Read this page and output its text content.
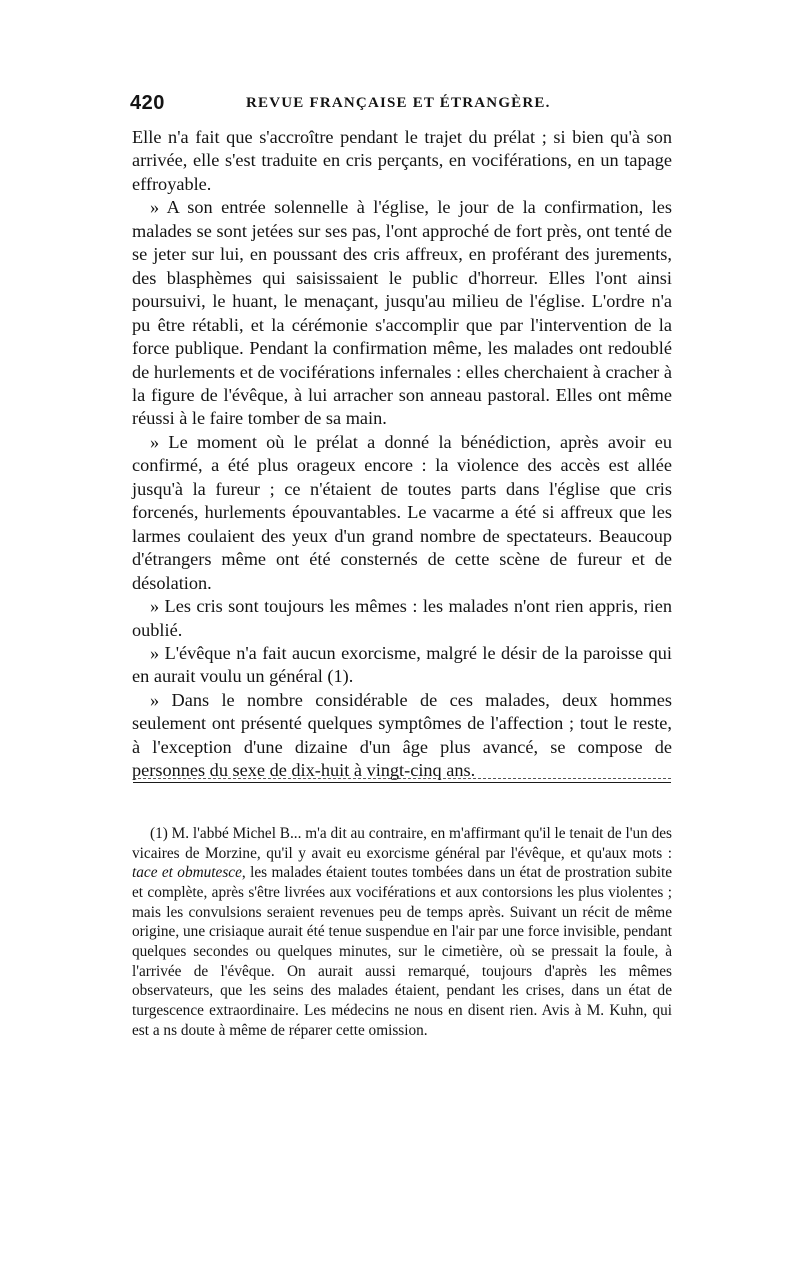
420	REVUE FRANÇAISE ET ÉTRANGÈRE.

Elle n'a fait que s'accroître pendant le trajet du prélat ; si bien qu'à son arrivée, elle s'est traduite en cris perçants, en vociférations, en un tapage effroyable.

» A son entrée solennelle à l'église, le jour de la confirmation, les malades se sont jetées sur ses pas, l'ont approché de fort près, ont tenté de se jeter sur lui, en poussant des cris affreux, en proférant des jurements, des blasphèmes qui saisissaient le public d'horreur. Elles l'ont ainsi poursuivi, le huant, le menaçant, jusqu'au milieu de l'église. L'ordre n'a pu être rétabli, et la cérémonie s'accomplir que par l'intervention de la force publique. Pendant la confirmation même, les malades ont redoublé de hurlements et de vociférations infernales : elles cherchaient à cracher à la figure de l'évêque, à lui arracher son anneau pastoral. Elles ont même réussi à le faire tomber de sa main.

» Le moment où le prélat a donné la bénédiction, après avoir eu confirmé, a été plus orageux encore : la violence des accès est allée jusqu'à la fureur ; ce n'étaient de toutes parts dans l'église que cris forcenés, hurlements épouvantables. Le vacarme a été si affreux que les larmes coulaient des yeux d'un grand nombre de spectateurs. Beaucoup d'étrangers même ont été consternés de cette scène de fureur et de désolation.

» Les cris sont toujours les mêmes : les malades n'ont rien appris, rien oublié.

» L'évêque n'a fait aucun exorcisme, malgré le désir de la paroisse qui en aurait voulu un général (1).

» Dans le nombre considérable de ces malades, deux hommes seulement ont présenté quelques symptômes de l'affection ; tout le reste, à l'exception d'une dizaine d'un âge plus avancé, se compose de personnes du sexe de dix-huit à vingt-cinq ans.

(1) M. l'abbé Michel B... m'a dit au contraire, en m'affirmant qu'il le tenait de l'un des vicaires de Morzine, qu'il y avait eu exorcisme général par l'évêque, et qu'aux mots : tace et obmutesce, les malades étaient toutes tombées dans un état de prostration subite et complète, après s'être livrées aux vociférations et aux contorsions les plus violentes ; mais les convulsions seraient revenues peu de temps après. Suivant un récit de même origine, une crisiaque aurait été tenue suspendue en l'air par une force invisible, pendant quelques secondes ou quelques minutes, sur le cimetière, où se pressait la foule, à l'arrivée de l'évêque. On aurait aussi remarqué, toujours d'après les mêmes observateurs, que les seins des malades étaient, pendant les crises, dans un état de turgescence extraordinaire. Les médecins ne nous en disent rien. Avis à M. Kuhn, qui est a ns doute à même de réparer cette omission.
